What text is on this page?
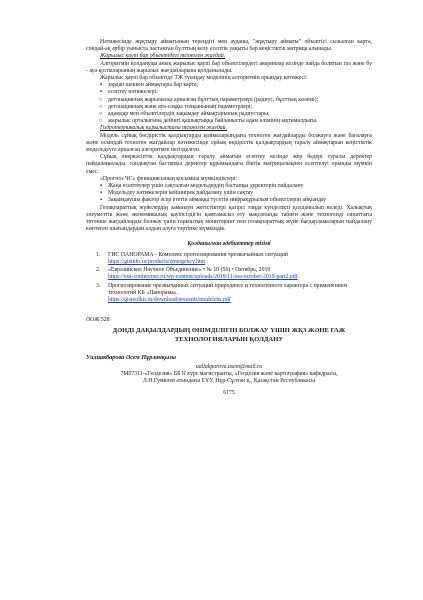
Нәтижесінде жұқтыру аймағының тереңдігі мен ауданы, "жұқтыру аймағы" объектісі сызылған карта, сондай-ақ әрбір уыныста ластанған бүлттың келу есептік уақыты бар кеңістіктік матрица алынады.

Жарылыс қаупі бар объектідегі техноген жағдай.

Алгоритмін қолдануды анық жарылыс қаупі бар объектілердегі авариялар кезінде пайда болатын газ және бу - ауа қоспаларының жарылыс жағдайларына қолданылады.

Жарылыс қаупі бар объектіде ТЖ туындау моделінің алгоритмін орындау нәтижесі:

▪ зардап шеккен аймақтары бар карта;
▪ есептеу нәтижелері:
○ детонациялық жарылысқа арналған бұлттың параметрлері (радиус, бұлттың көлемі);
○ детонациялық және ауа-соққы толқынының параметрлері;
○ адамдар мен объектілердің зақымдау аймақтарының радиустары;
○ жарылыс орталығына дейінгі қашықтыққа байланысты адам өлімінің ықтималдығы.

Гидротехникалық құрылыстағы техноген жағдай.

Модель сұйық бөгдірістік қалдықтарды қоймаларындағы техноген жағдайларды болжауға және бағалауға және осындай техноген жағдайлар нәтижесінде сұйық өндірістік қалдықтардың таралу аймақтарын кеңістіктік модельдеуге арналған алгоритмге негізделген.

Сұйық өнеркәсіптік қалдықтардың таралу аймағын есептеу кезінде жер бедері туралы деректер пайдаланылады, сондықтан бастапқы деректер құрамындағы біктік матрицалықпен есептелуі орынды мүмкін емес.

«Прогноз ЧС» функциясының қосымша мүмкіндіктері:

▪ Жаңа есептеулер үшін сақталған модельдердің бастапқы деректерін пайдалану
▪ Модельдеу нәтижелерін кейіннірек пайдалану үшін сақтау
▪ Зақымдаушы фактор әсер ететін аймаққа түсетін инфрақұрылым объектілерін айқындау

Геоақпараттық жүйелердің заманауи жетістіктері қазіргі таңда күнделікті қолданылып келеді. Халықтық әлеуметтік және экономикалық қауіпсіздігін қамтамасыз ету мақсатында табиғи және техногенді сипаттағы төтенше жағдайларды болжау үшін ғарыштық мониторинг пен геоақпараттық жүйе бағдарламаларын пайдалану көптеген шығындардан алдын алуға тәртіпке мүмкіндік.

Қолданылған әдебиеттер тізімі

1. ГИС ПАНОРАМА - Комплекс прогнозирования чрезвычайных ситуаций
https://gisinfo.ru/products/emergency.htm
2. «Евразийское Научное Объединение» • № 10 (56) • Октябрь, 2019
https://esa-conference.ru/wp-content/uploads/2019/11/esa-october-2019-part2.pdf
3. Прогнозирование чрезвычайных ситуаций природного и техногенного характера с применением технологий КБ «Панорама».
https://gistoolkit.ru/download/prezents/modelchs.pdf

ӘОЖ 528

ДӘНДІ ДАҚЫЛДАРДЫҢ ӨНІМДІЛІГІН БОЛЖАУ ҮШІН ЖҚЗ ЖӘНЕ ГАЖ ТЕХНОЛОГИЯЛАРЫН ҚОЛДАНУ

Уалиакбарова Әсем Нұрланқызы

ualiakparova.asem@mail.ru

7М07311-«Геодезия» ББ II курс магистранты, «Геодезия және картография» кафедрасы,

Л.Н.Гумилев атындағы ЕҰУ, Нұр-Сұлтан қ., Қазақстан Республикасы

6175
